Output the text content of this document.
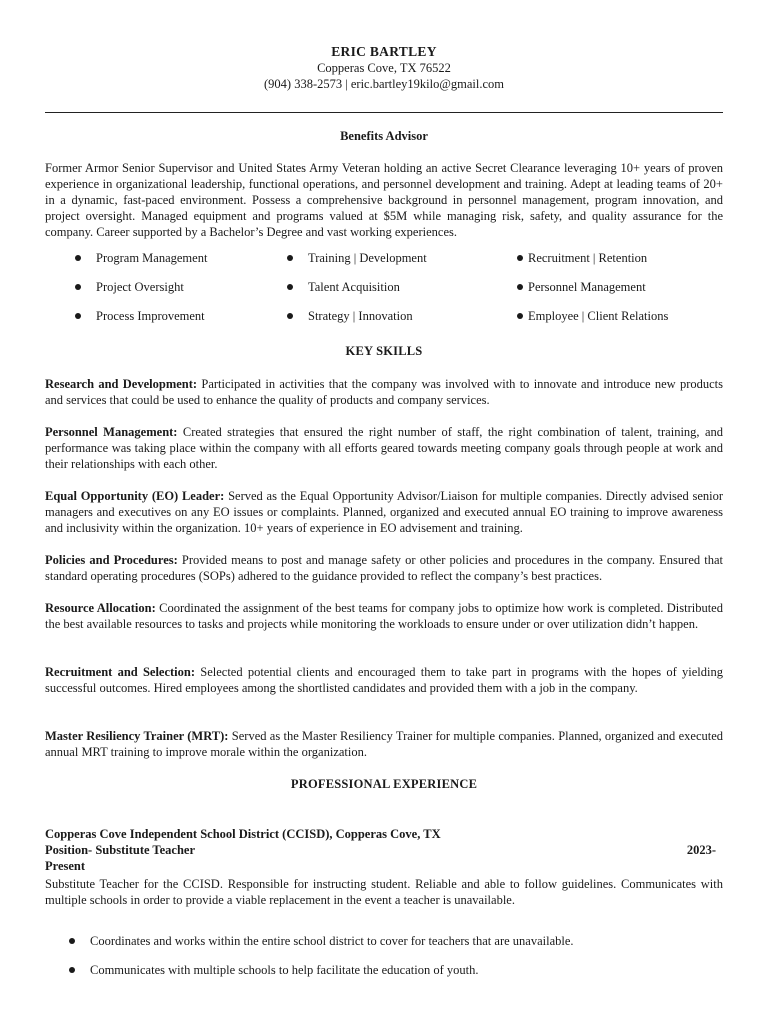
ERIC BARTLEY
Copperas Cove, TX 76522
(904) 338-2573 | eric.bartley19kilo@gmail.com
Benefits Advisor
Former Armor Senior Supervisor and United States Army Veteran holding an active Secret Clearance leveraging 10+ years of proven experience in organizational leadership, functional operations, and personnel development and training. Adept at leading teams of 20+ in a dynamic, fast-paced environment. Possess a comprehensive background in personnel management, program innovation, and project oversight. Managed equipment and programs valued at $5M while managing risk, safety, and quality assurance for the company. Career supported by a Bachelor’s Degree and vast working experiences.
Program Management
Project Oversight
Process Improvement
Training | Development
Talent Acquisition
Strategy | Innovation
Recruitment | Retention
Personnel Management
Employee | Client Relations
KEY SKILLS
Research and Development: Participated in activities that the company was involved with to innovate and introduce new products and services that could be used to enhance the quality of products and company services.
Personnel Management: Created strategies that ensured the right number of staff, the right combination of talent, training, and performance was taking place within the company with all efforts geared towards meeting company goals through people at work and their relationships with each other.
Equal Opportunity (EO) Leader: Served as the Equal Opportunity Advisor/Liaison for multiple companies. Directly advised senior managers and executives on any EO issues or complaints. Planned, organized and executed annual EO training to improve awareness and inclusivity within the organization. 10+ years of experience in EO advisement and training.
Policies and Procedures: Provided means to post and manage safety or other policies and procedures in the company. Ensured that standard operating procedures (SOPs) adhered to the guidance provided to reflect the company’s best practices.
Resource Allocation: Coordinated the assignment of the best teams for company jobs to optimize how work is completed. Distributed the best available resources to tasks and projects while monitoring the workloads to ensure under or over utilization didn’t happen.
Recruitment and Selection: Selected potential clients and encouraged them to take part in programs with the hopes of yielding successful outcomes. Hired employees among the shortlisted candidates and provided them with a job in the company.
Master Resiliency Trainer (MRT): Served as the Master Resiliency Trainer for multiple companies. Planned, organized and executed annual MRT training to improve morale within the organization.
PROFESSIONAL EXPERIENCE
Copperas Cove Independent School District (CCISD), Copperas Cove, TX
Position- Substitute Teacher	2023-
Present
Substitute Teacher for the CCISD. Responsible for instructing student. Reliable and able to follow guidelines. Communicates with multiple schools in order to provide a viable replacement in the event a teacher is unavailable.
Coordinates and works within the entire school district to cover for teachers that are unavailable.
Communicates with multiple schools to help facilitate the education of youth.
